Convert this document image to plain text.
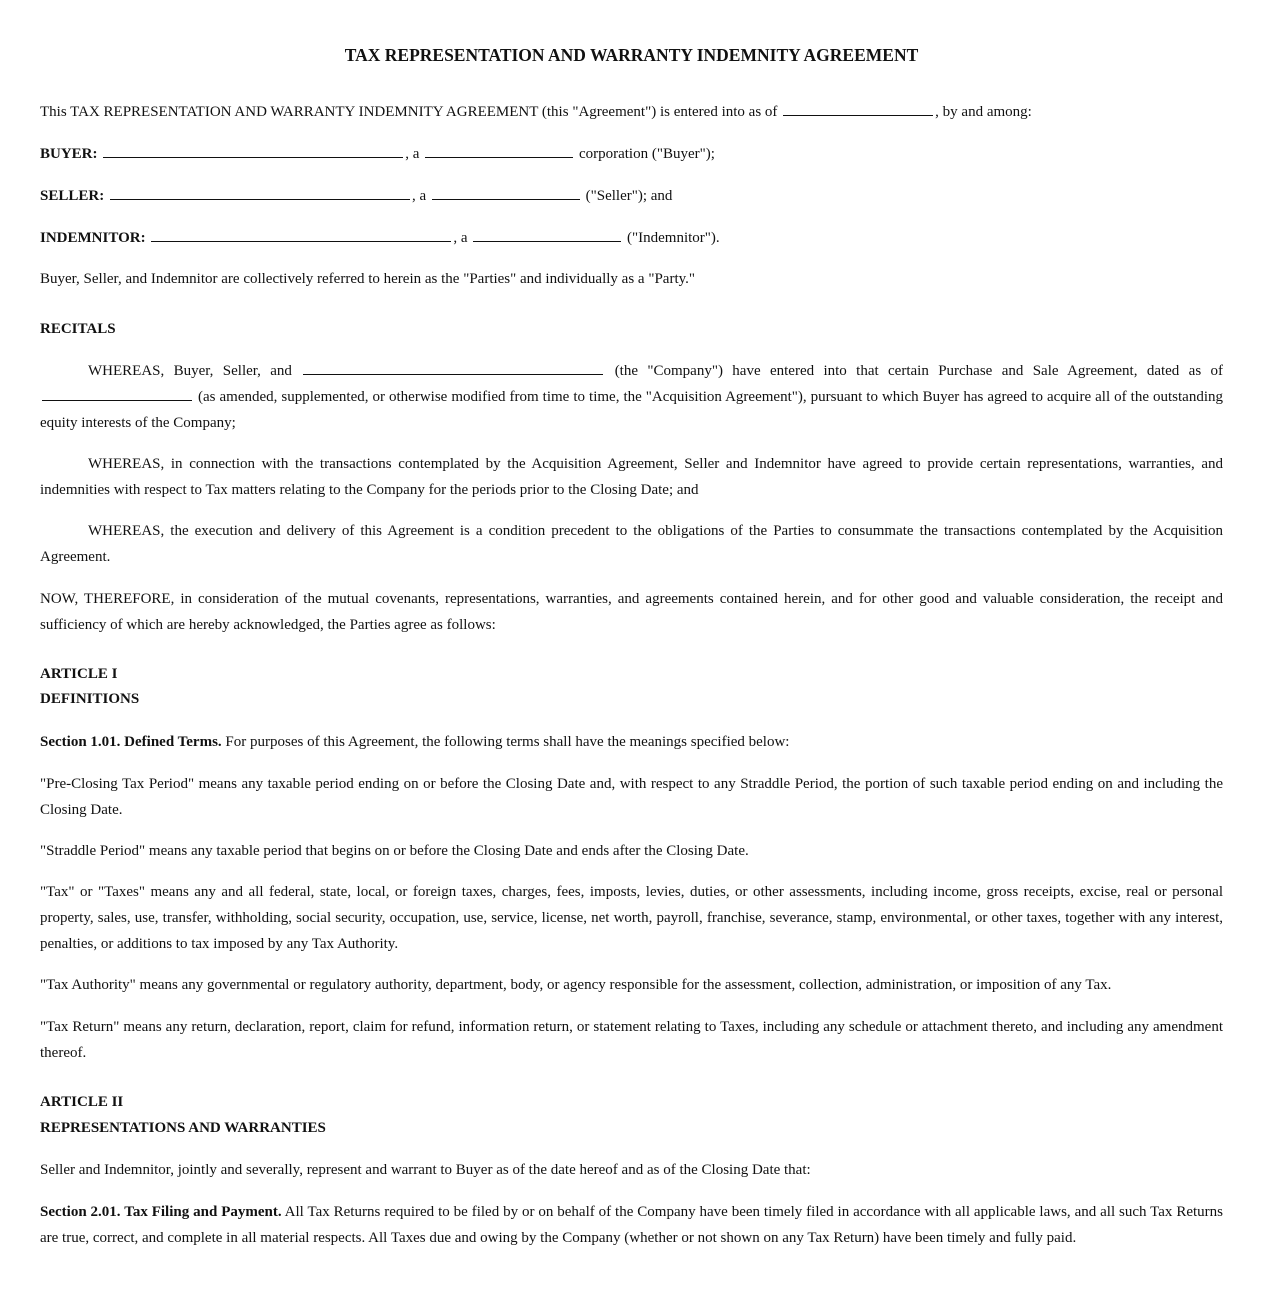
TAX REPRESENTATION AND WARRANTY INDEMNITY AGREEMENT

This TAX REPRESENTATION AND WARRANTY INDEMNITY AGREEMENT (this "Agreement") is entered into as of	, by and among:

BUYER:	, a	corporation ("Buyer");

SELLER:	, a	("Seller"); and

INDEMNITOR:	, a	("Indemnitor").

Buyer, Seller, and Indemnitor are collectively referred to herein as the "Parties" and individually as a "Party."

RECITALS

WHEREAS, Buyer, Seller, and	(the "Company") have entered into that certain Purchase and Sale Agreement, dated as of  (as amended, supplemented, or otherwise modified from time to time, the "Acquisition Agreement"), pursuant to which Buyer has agreed to acquire all of the outstanding equity interests of the Company;

WHEREAS, in connection with the transactions contemplated by the Acquisition Agreement, Seller and Indemnitor have agreed to provide certain representations, warranties, and indemnities with respect to Tax matters relating to the Company for the periods prior to the Closing Date; and

WHEREAS, the execution and delivery of this Agreement is a condition precedent to the obligations of the Parties to consummate the transactions contemplated by the Acquisition Agreement.

NOW, THEREFORE, in consideration of the mutual covenants, representations, warranties, and agreements contained herein, and for other good and valuable consideration, the receipt and sufficiency of which are hereby acknowledged, the Parties agree as follows:

ARTICLE I

DEFINITIONS

Section 1.01. Defined Terms. For purposes of this Agreement, the following terms shall have the meanings specified below:

"Pre-Closing Tax Period" means any taxable period ending on or before the Closing Date and, with respect to any Straddle Period, the portion of such taxable period ending on and including the Closing Date.

"Straddle Period" means any taxable period that begins on or before the Closing Date and ends after the Closing Date.

"Tax" or "Taxes" means any and all federal, state, local, or foreign taxes, charges, fees, imposts, levies, duties, or other assessments, including income, gross receipts, excise, real or personal property, sales, use, transfer, withholding, social security, occupation, use, service, license, net worth, payroll, franchise, severance, stamp, environmental, or other taxes, together with any interest, penalties, or additions to tax imposed by any Tax Authority.

"Tax Authority" means any governmental or regulatory authority, department, body, or agency responsible for the assessment, collection, administration, or imposition of any Tax.

"Tax Return" means any return, declaration, report, claim for refund, information return, or statement relating to Taxes, including any schedule or attachment thereto, and including any amendment thereof.

ARTICLE II

REPRESENTATIONS AND WARRANTIES

Seller and Indemnitor, jointly and severally, represent and warrant to Buyer as of the date hereof and as of the Closing Date that:

Section 2.01. Tax Filing and Payment. All Tax Returns required to be filed by or on behalf of the Company have been timely filed in accordance with all applicable laws, and all such Tax Returns are true, correct, and complete in all material respects. All Taxes due and owing by the Company (whether or not shown on any Tax Return) have been timely and fully paid.
